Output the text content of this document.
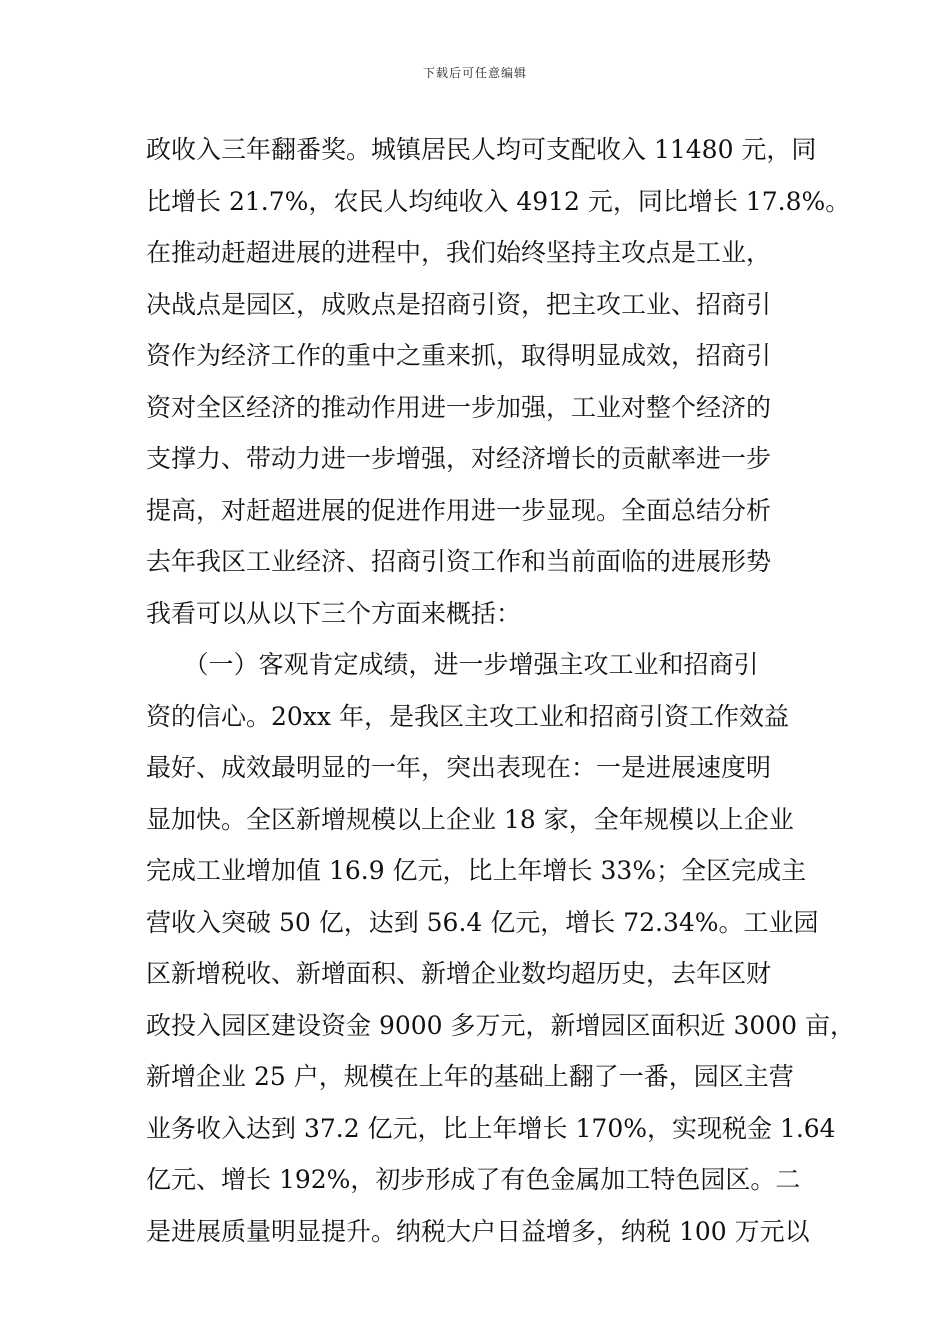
下载后可任意编辑
政收入三年翻番奖。城镇居民人均可支配收入 11480 元，同
比增长 21.7%，农民人均纯收入 4912 元，同比增长 17.8%。
在推动赶超进展的进程中，我们始终坚持主攻点是工业，
决战点是园区，成败点是招商引资，把主攻工业、招商引
资作为经济工作的重中之重来抓，取得明显成效，招商引
资对全区经济的推动作用进一步加强，工业对整个经济的
支撑力、带动力进一步增强，对经济增长的贡献率进一步
提高，对赶超进展的促进作用进一步显现。全面总结分析
去年我区工业经济、招商引资工作和当前面临的进展形势
我看可以从以下三个方面来概括：
　　（一）客观肯定成绩，进一步增强主攻工业和招商引
资的信心。20xx 年，是我区主攻工业和招商引资工作效益
最好、成效最明显的一年，突出表现在：一是进展速度明
显加快。全区新增规模以上企业 18 家，全年规模以上企业
完成工业增加值 16.9 亿元，比上年增长 33%；全区完成主
营收入突破 50 亿，达到 56.4 亿元，增长 72.34%。工业园
区新增税收、新增面积、新增企业数均超历史，去年区财
政投入园区建设资金 9000 多万元，新增园区面积近 3000 亩，
新增企业 25 户，规模在上年的基础上翻了一番，园区主营
业务收入达到 37.2 亿元，比上年增长 170%，实现税金 1.64
亿元、增长 192%，初步形成了有色金属加工特色园区。二
是进展质量明显提升。纳税大户日益增多，纳税 100 万元以
